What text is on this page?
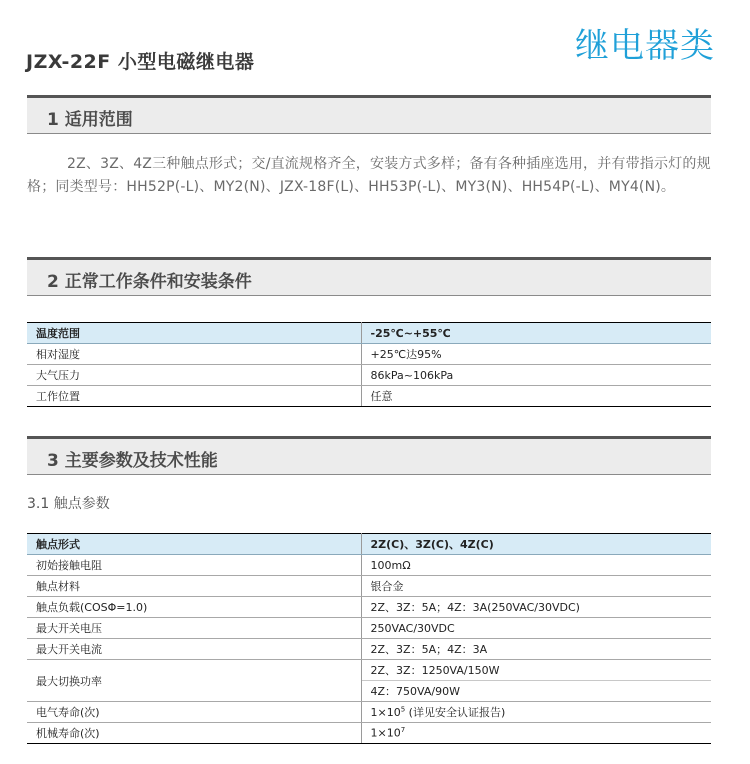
继电器类
JZX-22F 小型电磁继电器
1 适用范围

2Z、3Z、4Z三种触点形式；交/直流规格齐全，安装方式多样；备有各种插座选用，并有带指示灯的规格；同类型号：HH52P(-L)、MY2(N)、JZX-18F(L)、HH53P(-L)、MY3(N)、HH54P(-L)、MY4(N)。

2 正常工作条件和安装条件
温度范围	-25℃~+55℃
相对湿度	+25℃达95%
大气压力	86kPa~106kPa
工作位置	任意
3 主要参数及技术性能
3.1 触点参数
触点形式	2Z(C)、3Z(C)、4Z(C)
初始接触电阻	100mΩ
触点材料	银合金
触点负载(COSΦ=1.0)	2Z、3Z：5A；4Z：3A(250VAC/30VDC)
最大开关电压	250VAC/30VDC
最大开关电流	2Z、3Z：5A；4Z：3A
最大切换功率	2Z、3Z：1250VA/150W
	4Z：750VA/90W
电气寿命(次)	$1\times 10^5$ (详见安全认证报告)
机械寿命(次)	$1\times 10^7$
